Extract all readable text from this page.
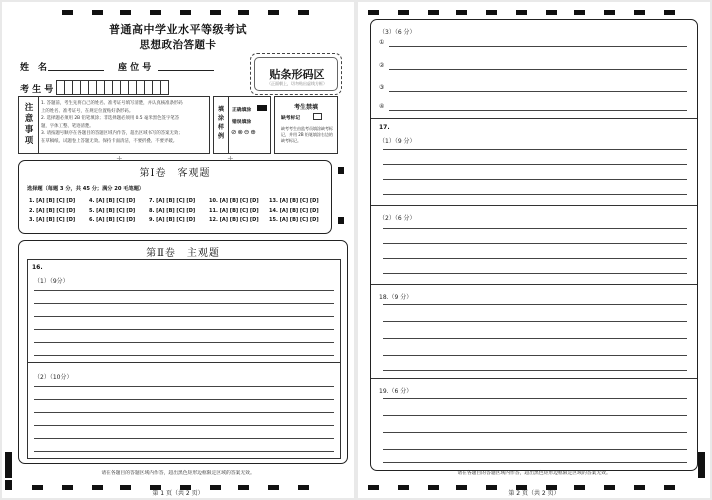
普通高中学业水平等级考试
思想政治答题卡
姓　名	座 位 号
考 生 号
贴条形码区
（正面朝上，切勿贴出虚线方框）
注
意
事
项
1. 答题前，考生先将自己的姓名、准考证号填写清楚，并认真核准条形码
上的姓名、准考证号，在规定位置贴好条形码。
2. 选择题必须用 2B 铅笔填涂；非选择题必须用 0.5 毫米黑色签字笔答
题，字体工整、笔迹清楚。
3. 请按题号顺序在各题目的答题区域内作答，超出区域书写的答案无效；
在草稿纸、试题卷上答题无效。保持卡面清洁，不要折叠、不要弄破。
填
涂
样
例
正确填涂
错误填涂
⊘⊗⊖⊕
考生禁填
缺考标记
缺考考生由监考员填涂缺考标记，并用 2B 铅笔填涂右边的缺考标记。
+	+
第Ⅰ卷　客观题
选择题（每题 3 分，共 45 分；满分 20 毛笔题）
1. [A] [B] [C] [D]	4. [A] [B] [C] [D]	7. [A] [B] [C] [D]	10. [A] [B] [C] [D]	13. [A] [B] [C] [D]
2. [A] [B] [C] [D]	5. [A] [B] [C] [D]	8. [A] [B] [C] [D]	11. [A] [B] [C] [D]	14. [A] [B] [C] [D]
3. [A] [B] [C] [D]	6. [A] [B] [C] [D]	9. [A] [B] [C] [D]	12. [A] [B] [C] [D]	15. [A] [B] [C] [D]
第Ⅱ卷　主观题
16.
（1）（9分）
（2）（10分）
请在各题目的答题区域内作答，超出黑色矩形边框限定区域的答案无效。
第 1 页（共 2 页）
（3）（6 分）
①
②
③
④
17.
（1）（9 分）
（2）（6 分）
18.（9 分）
19.（6 分）
请在各题目的答题区域内作答，超出黑色矩形边框限定区域的答案无效。
第 2 页（共 2 页）
